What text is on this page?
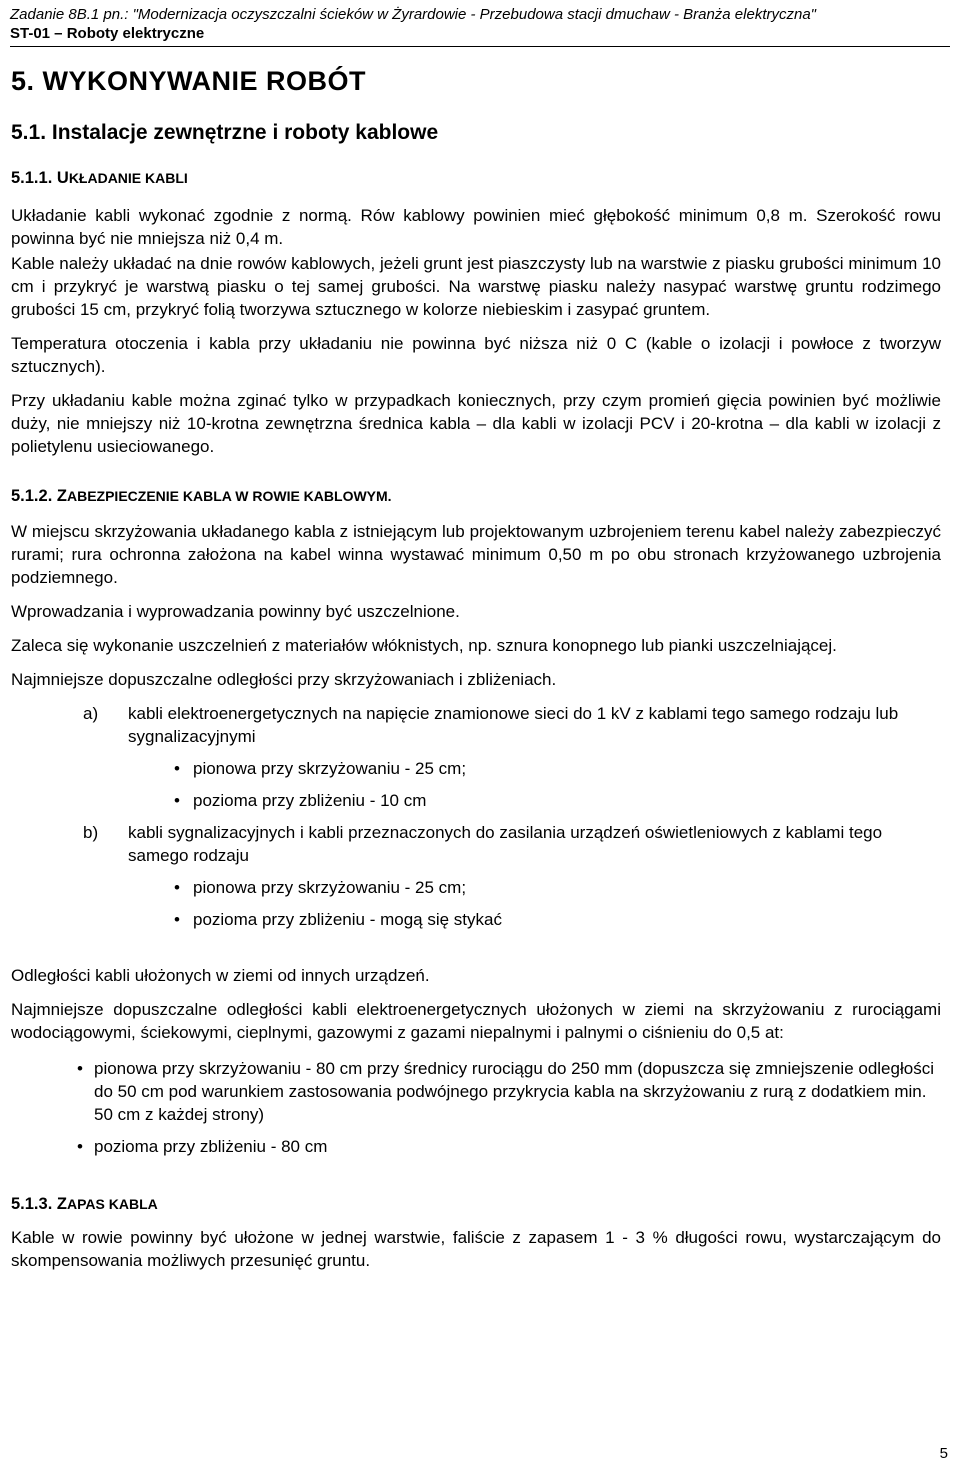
Zadanie 8B.1 pn.: "Modernizacja oczyszczalni ścieków w Żyrardowie - Przebudowa stacji dmuchaw - Branża elektryczna"
ST-01 – Roboty elektryczne
5. WYKONYWANIE ROBÓT
5.1. Instalacje zewnętrzne i roboty kablowe
5.1.1. UKŁADANIE KABLI

Układanie kabli wykonać zgodnie z normą. Rów kablowy powinien mieć głębokość minimum 0,8 m. Szerokość rowu powinna być nie mniejsza niż 0,4 m.

Kable należy układać na dnie rowów kablowych, jeżeli grunt jest piaszczysty lub na warstwie z piasku grubości minimum 10 cm i przykryć je warstwą piasku o tej samej grubości. Na warstwę piasku należy nasypać warstwę gruntu rodzimego grubości 15 cm, przykryć folią tworzywa sztucznego w kolorze niebieskim i zasypać gruntem.

Temperatura otoczenia i kabla przy układaniu nie powinna być niższa niż 0 C (kable o izolacji i powłoce z tworzyw sztucznych).

Przy układaniu kable można zginać tylko w przypadkach koniecznych, przy czym promień gięcia powinien być możliwie duży, nie mniejszy niż 10-krotna zewnętrzna średnica kabla – dla kabli w izolacji PCV i 20-krotna – dla kabli w izolacji z polietylenu usieciowanego.

5.1.2. ZABEZPIECZENIE KABLA W ROWIE KABLOWYM.

W miejscu skrzyżowania układanego kabla z istniejącym lub projektowanym uzbrojeniem terenu kabel należy zabezpieczyć rurami; rura ochronna założona na kabel winna wystawać minimum 0,50 m po obu stronach krzyżowanego uzbrojenia podziemnego.

Wprowadzania i wyprowadzania powinny być uszczelnione.

Zaleca się wykonanie uszczelnień z materiałów włóknistych, np. sznura konopnego lub pianki uszczelniającej.

Najmniejsze dopuszczalne odległości przy skrzyżowaniach i zbliżeniach.

a) kabli elektroenergetycznych na napięcie znamionowe sieci do 1 kV z kablami tego samego rodzaju lub sygnalizacyjnymi
• pionowa przy skrzyżowaniu - 25 cm;
• pozioma przy zbliżeniu - 10 cm
b) kabli sygnalizacyjnych i kabli przeznaczonych do zasilania urządzeń oświetleniowych z kablami tego samego rodzaju
• pionowa przy skrzyżowaniu - 25 cm;
• pozioma przy zbliżeniu - mogą się stykać

Odległości kabli ułożonych w ziemi od innych urządzeń.

Najmniejsze dopuszczalne odległości kabli elektroenergetycznych ułożonych w ziemi na skrzyżowaniu z rurociągami wodociągowymi, ściekowymi, cieplnymi, gazowymi z gazami niepalnymi i palnymi o ciśnieniu do 0,5 at:

• pionowa przy skrzyżowaniu - 80 cm przy średnicy rurociągu do 250 mm (dopuszcza się zmniejszenie odległości do 50 cm pod warunkiem zastosowania podwójnego przykrycia kabla na skrzyżowaniu z rurą z dodatkiem min. 50 cm z każdej strony)
• pozioma przy zbliżeniu - 80 cm
5.1.3. ZAPAS KABLA

Kable w rowie powinny być ułożone w jednej warstwie, faliście z zapasem 1 - 3 % długości rowu, wystarczającym do skompensowania możliwych przesunięć gruntu.

5
